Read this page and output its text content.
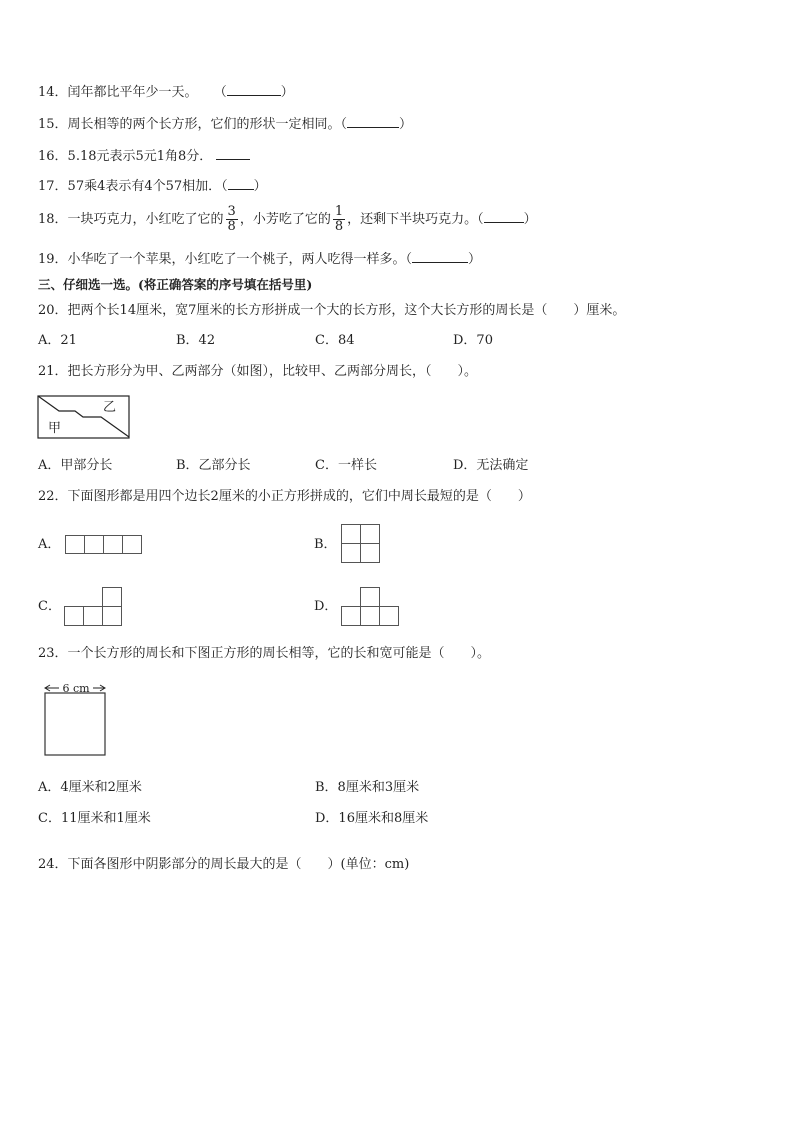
14．闰年都比平年少一天。 （	）
15．周长相等的两个长方形，它们的形状一定相同。（	）
16．5.18元表示5元1角8分．
17．57乘4表示有4个57相加．（ ）
18．一块巧克力，小红吃了它的 $\frac{3}{8}$ ，小芳吃了它的 $\frac{1}{8}$ ，还剩下半块巧克力。（	）
19．小华吃了一个苹果，小红吃了一个桃子，两人吃得一样多。（	）
三、仔细选一选。(将正确答案的序号填在括号里)
20．把两个长14厘米，宽7厘米的长方形拼成一个大的长方形，这个大长方形的周长是（　　）厘米。
A．21	B．42	C．84	D．70
21．把长方形分为甲、乙两部分（如图），比较甲、乙两部分周长，（　　）。
甲
乙
A．甲部分长	B．乙部分长	C．一样长	D．无法确定
22．下面图形都是用四个边长2厘米的小正方形拼成的，它们中周长最短的是（　　）
A．	B．
C．	D．
23．一个长方形的周长和下图正方形的周长相等，它的长和宽可能是（　　）。
6 cm
A．4厘米和2厘米	B．8厘米和3厘米
C．11厘米和1厘米	D．16厘米和8厘米
24．下面各图形中阴影部分的周长最大的是（　　）(单位：cm)
